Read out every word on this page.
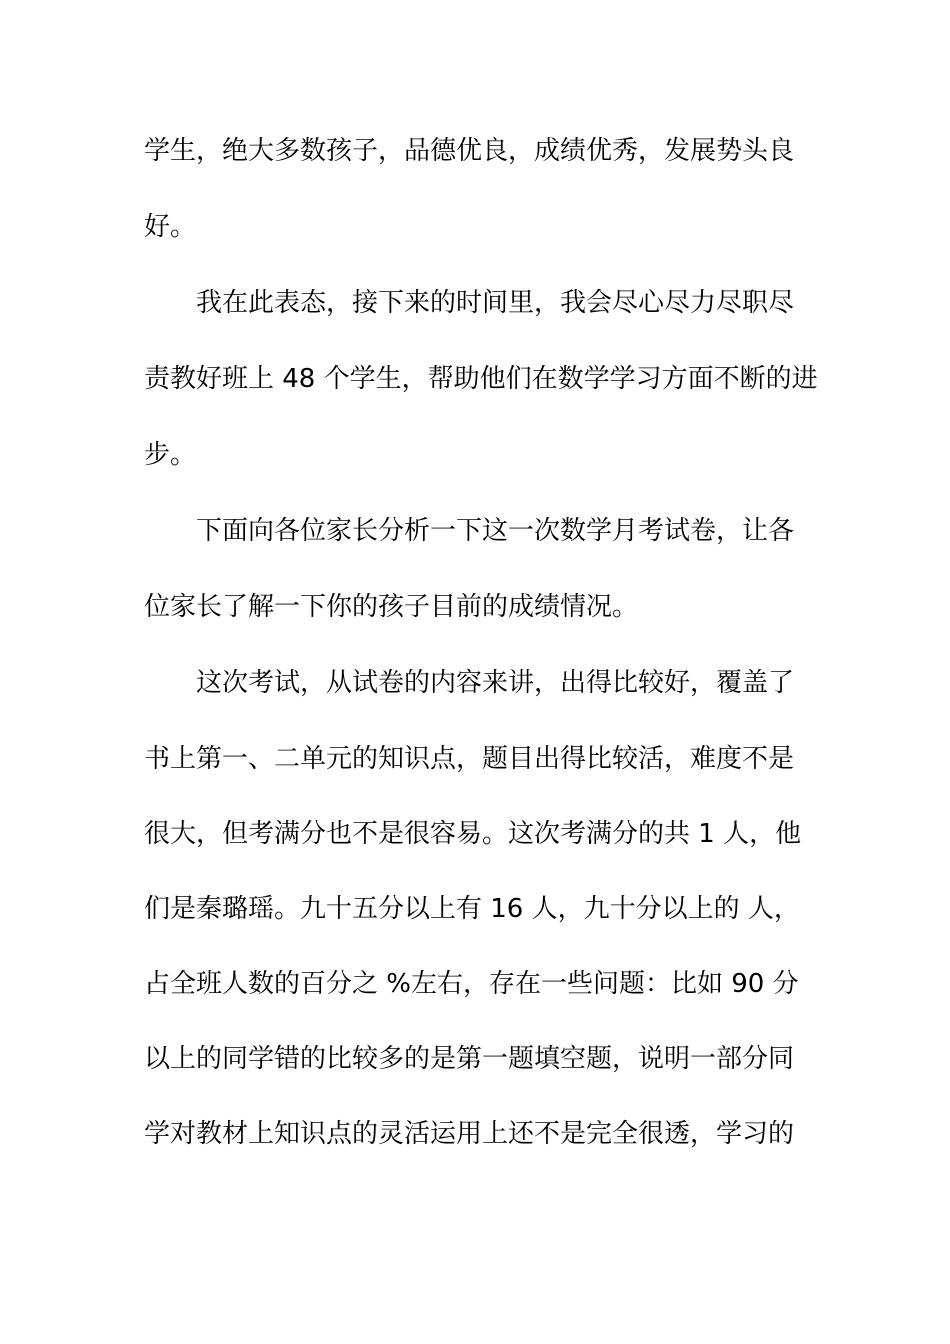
学生，绝大多数孩子，品德优良，成绩优秀，发展势头良

好。

我在此表态，接下来的时间里，我会尽心尽力尽职尽

责教好班上 48 个学生，帮助他们在数学学习方面不断的进

步。

下面向各位家长分析一下这一次数学月考试卷，让各

位家长了解一下你的孩子目前的成绩情况。

这次考试，从试卷的内容来讲，出得比较好，覆盖了

书上第一、二单元的知识点，题目出得比较活，难度不是

很大，但考满分也不是很容易。这次考满分的共 1 人，他

们是秦璐瑶。九十五分以上有 16 人，九十分以上的 人，

占全班人数的百分之 %左右，存在一些问题：比如 90 分

以上的同学错的比较多的是第一题填空题，说明一部分同

学对教材上知识点的灵活运用上还不是完全很透，学习的
